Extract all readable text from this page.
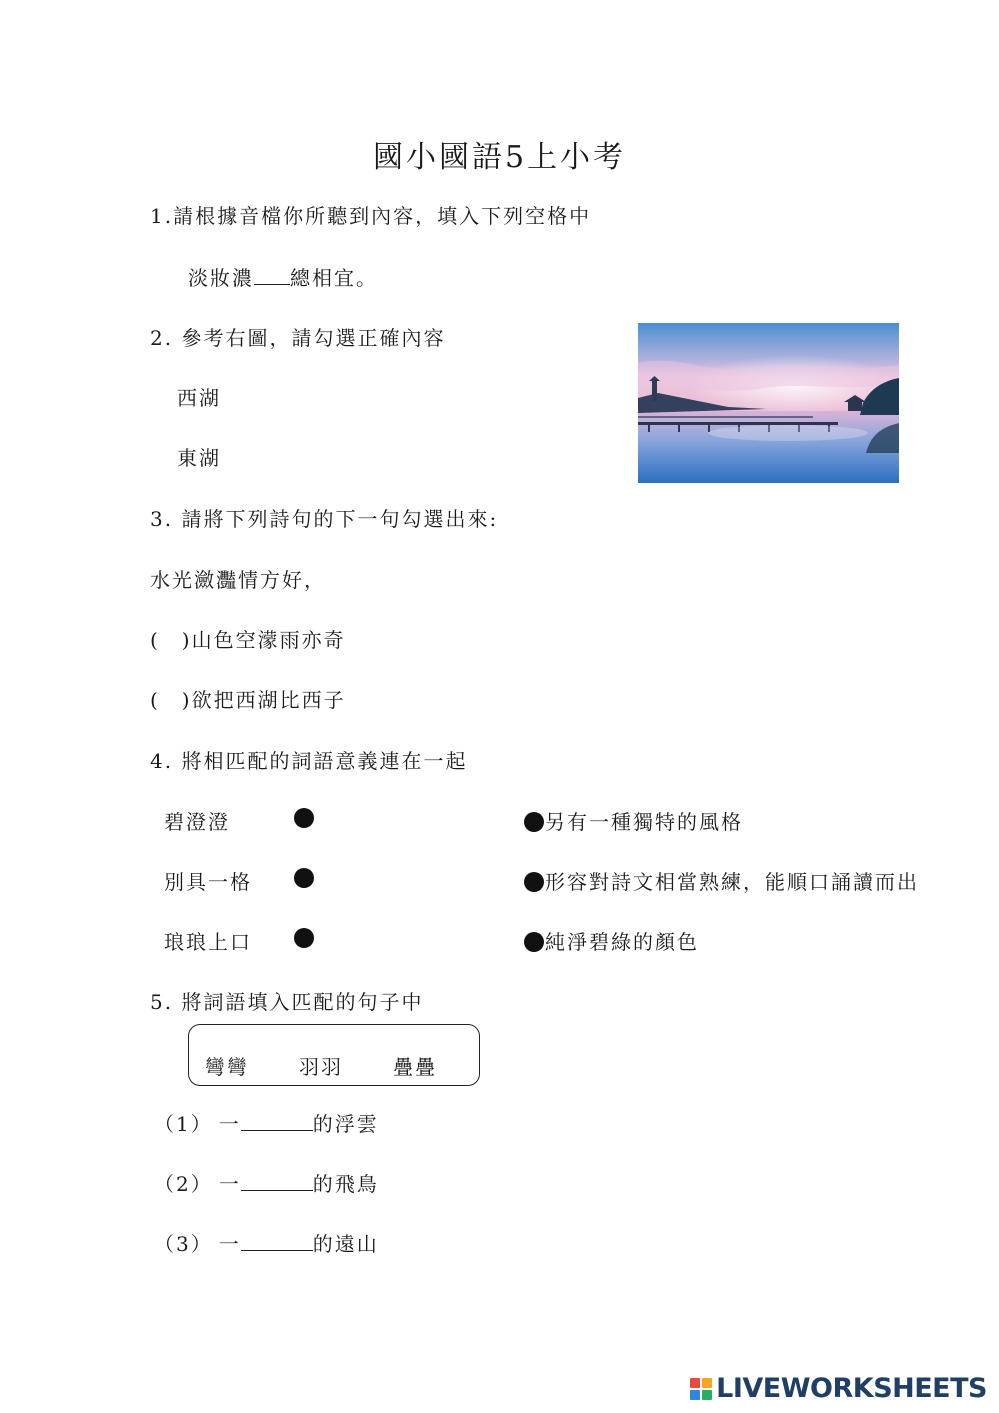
國小國語5上小考
1.請根據音檔你所聽到內容，填入下列空格中
淡妝濃 總相宜。
2. 參考右圖，請勾選正確內容
西湖
東湖
3. 請將下列詩句的下一句勾選出來:
水光瀲灩情方好，
(　)山色空濛雨亦奇
(　)欲把西湖比西子
4. 將相匹配的詞語意義連在一起
碧澄澄	另有一種獨特的風格
別具一格	形容對詩文相當熟練，能順口誦讀而出
琅琅上口	純淨碧綠的顏色
5. 將詞語填入匹配的句子中
彎彎	羽羽	疊疊
（1） 一	的浮雲
（2） 一	的飛鳥
（3） 一	的遠山
LIVEWORKSHEETS
